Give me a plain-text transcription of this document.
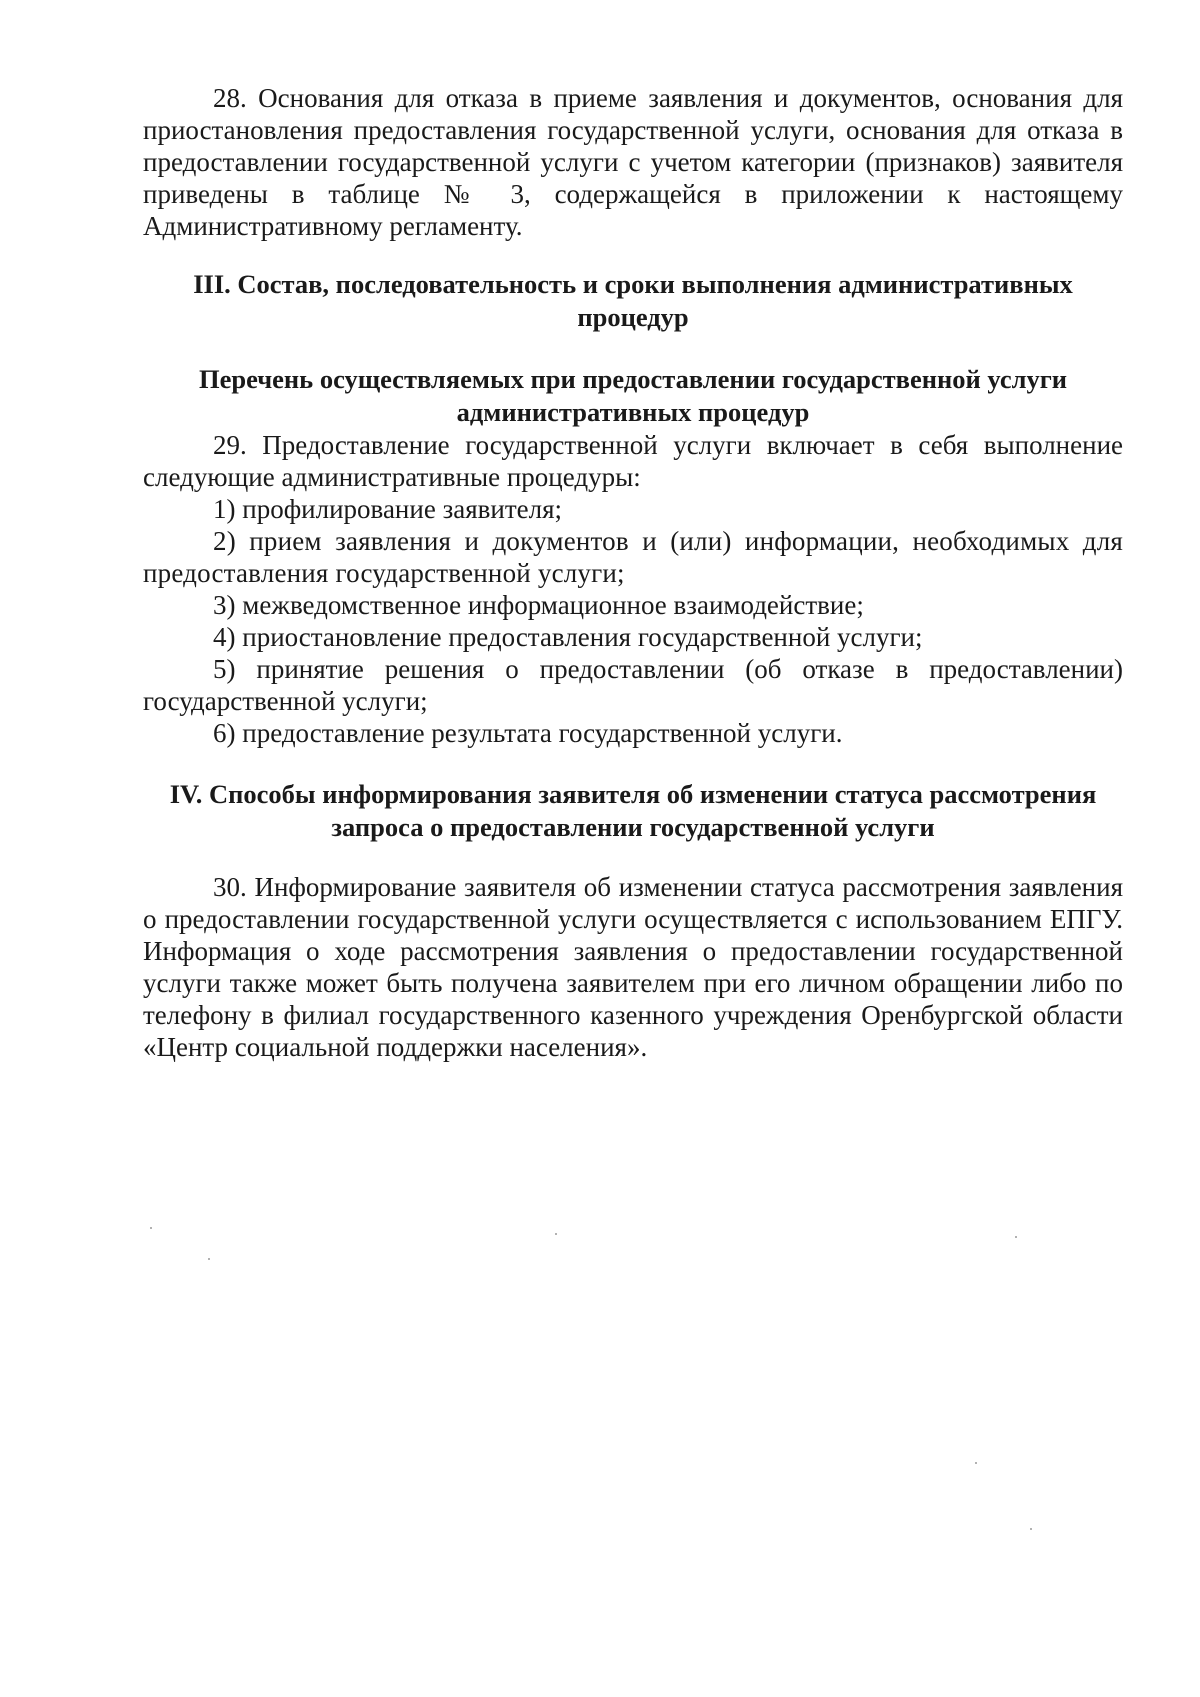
28. Основания для отказа в приеме заявления и документов, основания для приостановления предоставления государственной услуги, основания для отказа в предоставлении государственной услуги с учетом категории (признаков) заявителя приведены в таблице № 3, содержащейся в приложении к настоящему Административному регламенту.

III. Состав, последовательность и сроки выполнения административных процедур
Перечень осуществляемых при предоставлении государственной услуги административных процедур

29. Предоставление государственной услуги включает в себя выполнение следующие административные процедуры:

1) профилирование заявителя;

2) прием заявления и документов и (или) информации, необходимых для предоставления государственной услуги;

3) межведомственное информационное взаимодействие;

4) приостановление предоставления государственной услуги;

5) принятие решения о предоставлении (об отказе в предоставлении) государственной услуги;

6) предоставление результата государственной услуги.

IV. Способы информирования заявителя об изменении статуса рассмотрения запроса о предоставлении государственной услуги

30. Информирование заявителя об изменении статуса рассмотрения заявления о предоставлении государственной услуги осуществляется с использованием ЕПГУ. Информация о ходе рассмотрения заявления о предоставлении государственной услуги также может быть получена заявителем при его личном обращении либо по телефону в филиал государственного казенного учреждения Оренбургской области «Центр социальной поддержки населения».
